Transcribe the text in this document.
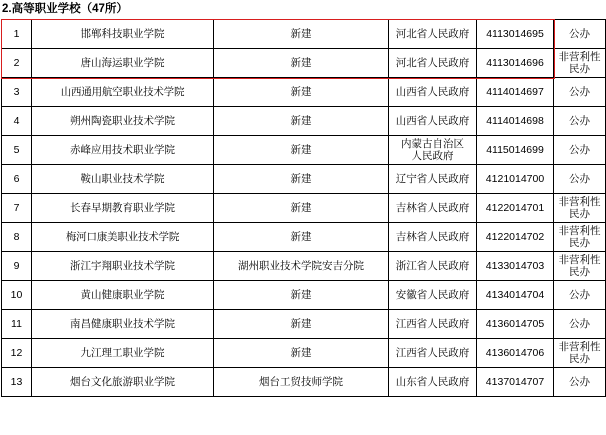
2.高等职业学校（47所）
1	邯郸科技职业学院	新建	河北省人民政府	4113014695	公办
2	唐山海运职业学院	新建	河北省人民政府	4113014696	非营利性
民办

3	山西通用航空职业技术学院	新建	山西省人民政府	4114014697	公办
4	朔州陶瓷职业技术学院	新建	山西省人民政府	4114014698	公办
5	赤峰应用技术职业学院	新建	内蒙古自治区
人民政府	4115014699	公办
6	鞍山职业技术学院	新建	辽宁省人民政府	4121014700	公办
7	长春早期教育职业学院	新建	吉林省人民政府	4122014701	非营利性
民办

8	梅河口康美职业技术学院	新建	吉林省人民政府	4122014702	非营利性
民办

9	浙江宇翔职业技术学院	湖州职业技术学院安吉分院	浙江省人民政府	4133014703	非营利性
民办

10	黄山健康职业学院	新建	安徽省人民政府	4134014704	公办
11	南昌健康职业技术学院	新建	江西省人民政府	4136014705	公办
12	九江理工职业学院	新建	江西省人民政府	4136014706	非营利性
民办

13	烟台文化旅游职业学院	烟台工贸技师学院	山东省人民政府	4137014707	公办
